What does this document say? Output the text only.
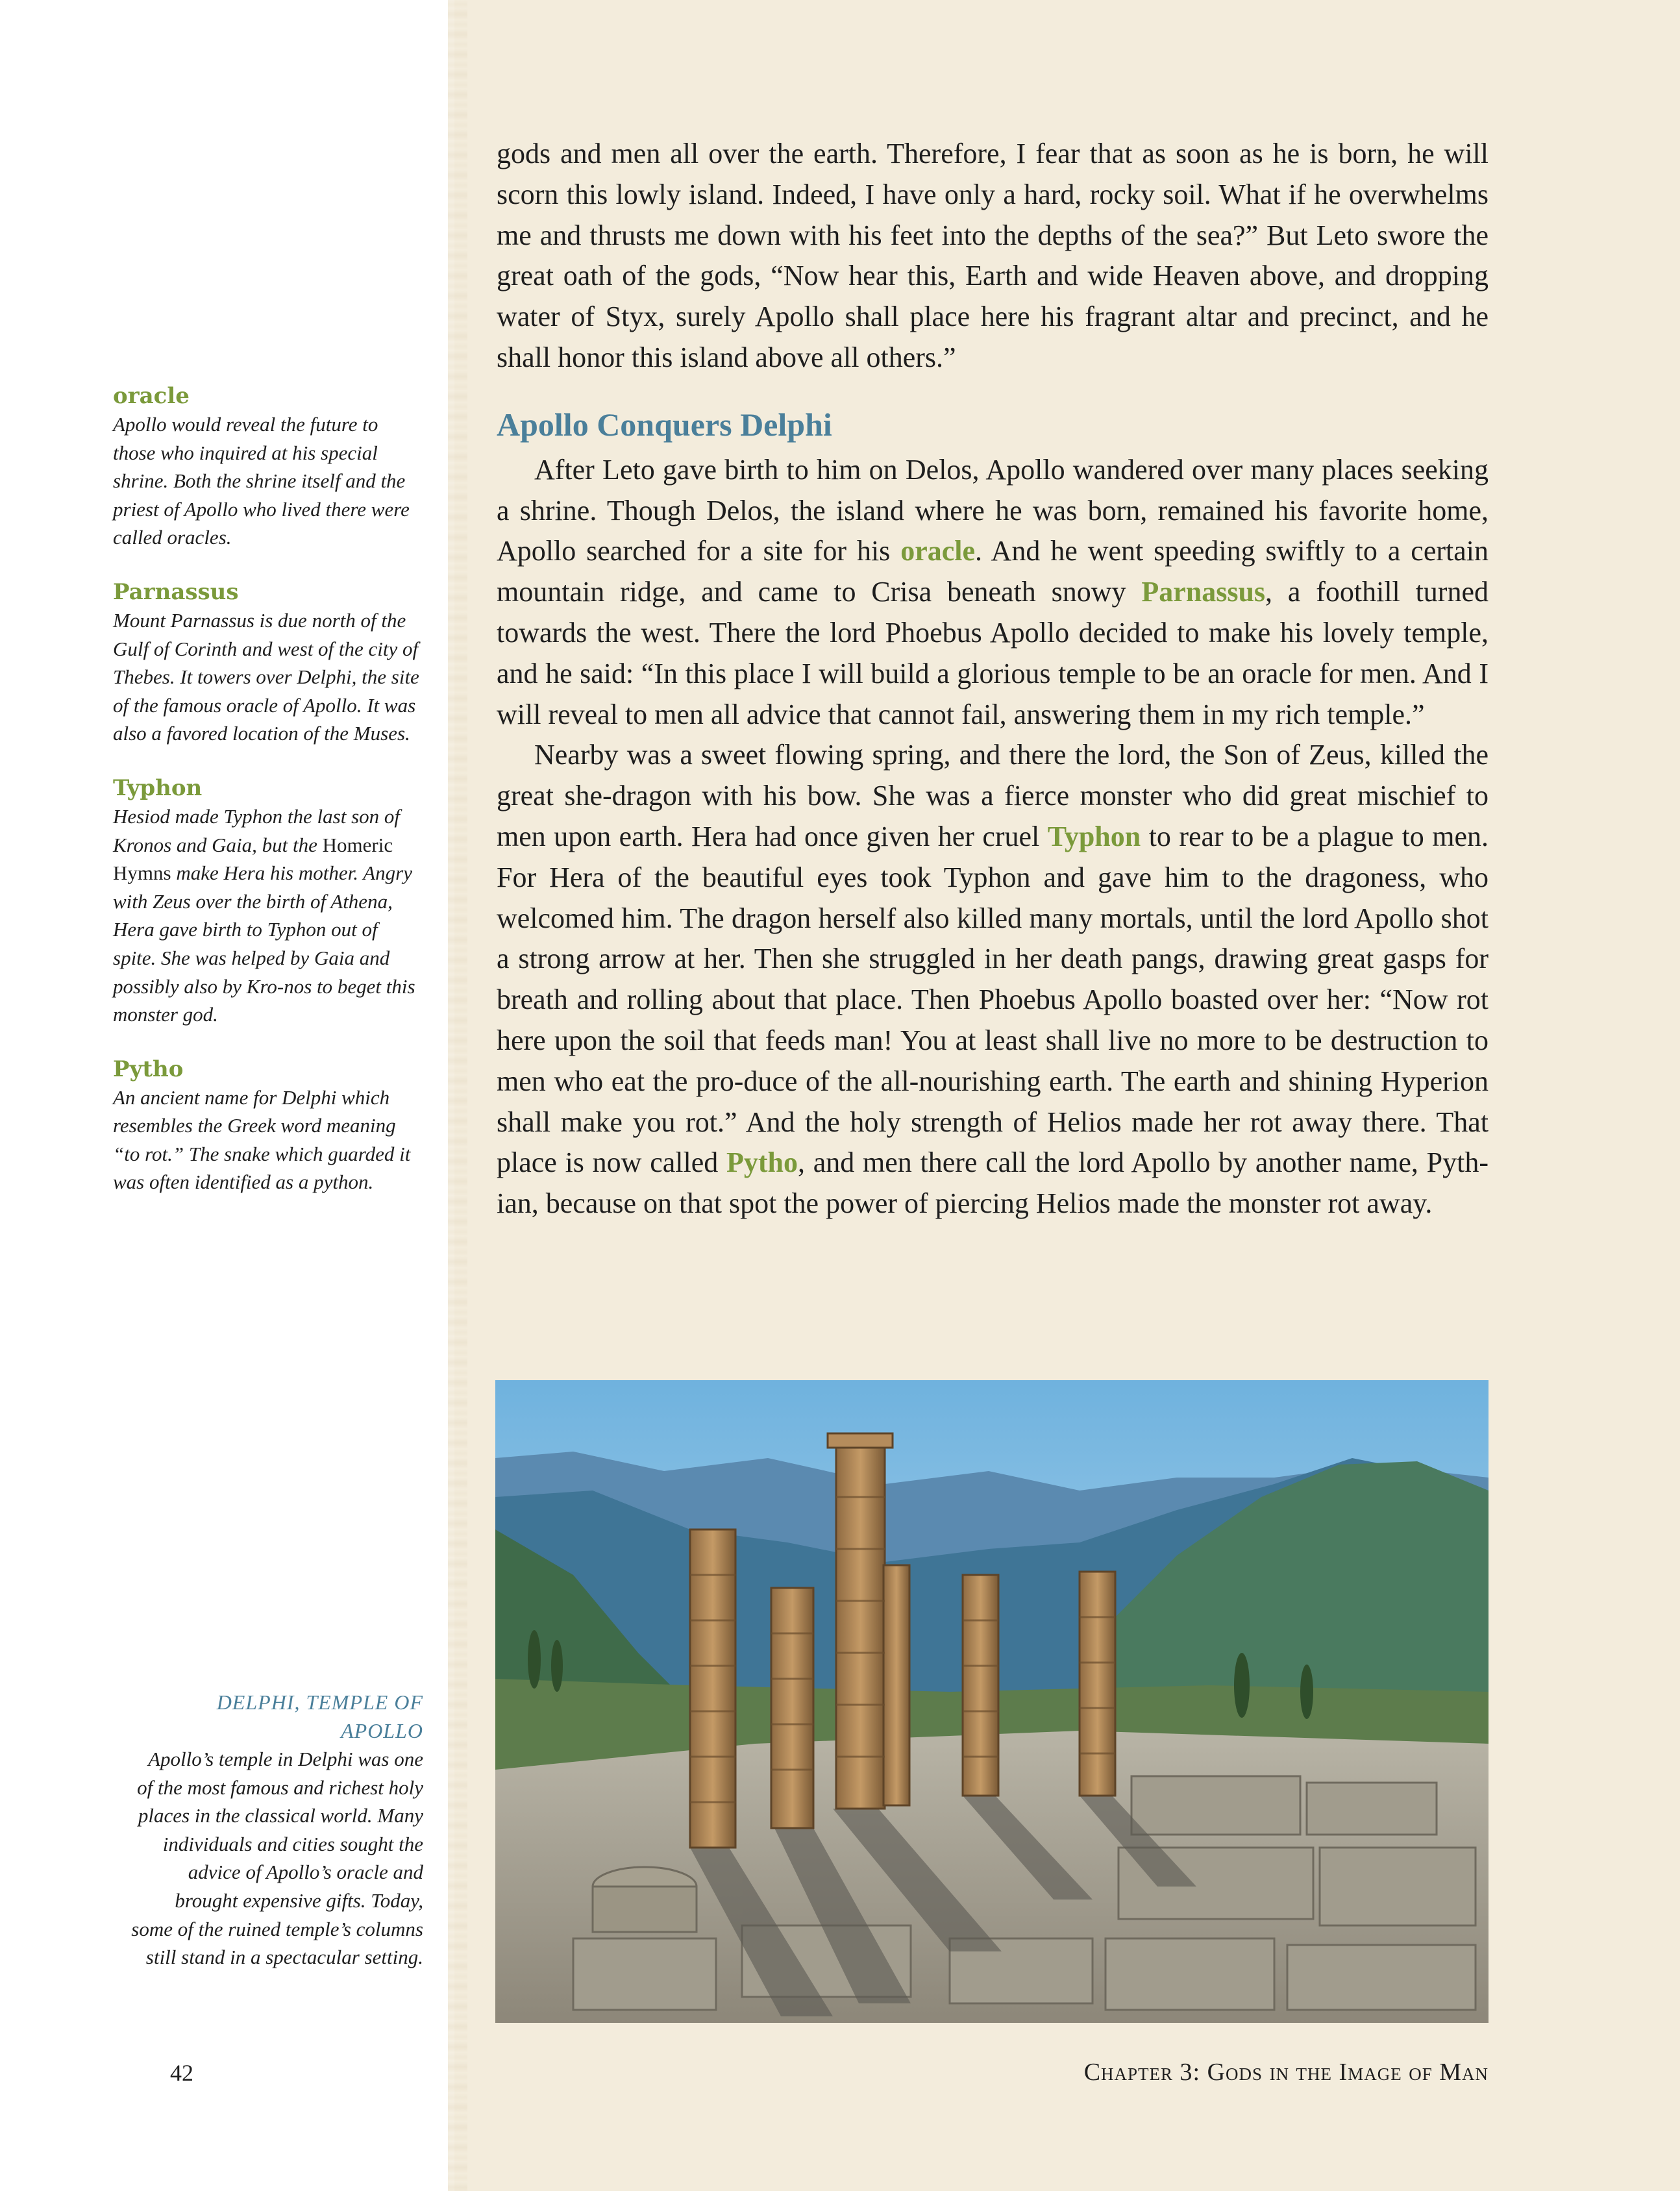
oracle
Apollo would reveal the future to those who inquired at his special shrine. Both the shrine itself and the priest of Apollo who lived there were called oracles.
Parnassus
Mount Parnassus is due north of the Gulf of Corinth and west of the city of Thebes. It towers over Delphi, the site of the famous oracle of Apollo. It was also a favored location of the Muses.
Typhon
Hesiod made Typhon the last son of Kronos and Gaia, but the Homeric Hymns make Hera his mother. Angry with Zeus over the birth of Athena, Hera gave birth to Typhon out of spite. She was helped by Gaia and possibly also by Kro-nos to beget this monster god.
Pytho
An ancient name for Delphi which resembles the Greek word meaning “to rot.” The snake which guarded it was often identified as a python.

gods and men all over the earth. Therefore, I fear that as soon as he is born, he will scorn this lowly island. Indeed, I have only a hard, rocky soil. What if he overwhelms me and thrusts me down with his feet into the depths of the sea?” But Leto swore the great oath of the gods, “Now hear this, Earth and wide Heaven above, and dropping water of Styx, surely Apollo shall place here his fragrant altar and precinct, and he shall honor this island above all others.”

Apollo Conquers Delphi

After Leto gave birth to him on Delos, Apollo wandered over many places seeking a shrine. Though Delos, the island where he was born, remained his favorite home, Apollo searched for a site for his oracle. And he went speeding swiftly to a certain mountain ridge, and came to Crisa beneath snowy Parnassus, a foothill turned towards the west. There the lord Phoebus Apollo decided to make his lovely temple, and he said: “In this place I will build a glorious temple to be an oracle for men. And I will reveal to men all advice that cannot fail, answering them in my rich temple.”

Nearby was a sweet flowing spring, and there the lord, the Son of Zeus, killed the great she-dragon with his bow. She was a fierce monster who did great mischief to men upon earth. Hera had once given her cruel Typhon to rear to be a plague to men. For Hera of the beautiful eyes took Typhon and gave him to the dragoness, who welcomed him. The dragon herself also killed many mortals, until the lord Apollo shot a strong arrow at her. Then she struggled in her death pangs, drawing great gasps for breath and rolling about that place. Then Phoebus Apollo boasted over her: “Now rot here upon the soil that feeds man! You at least shall live no more to be destruction to men who eat the pro-duce of the all-nourishing earth. The earth and shining Hyperion shall make you rot.” And the holy strength of Helios made her rot away there. That place is now called Pytho, and men there call the lord Apollo by another name, Pyth-ian, because on that spot the power of piercing Helios made the monster rot away.

DELPHI, TEMPLE OF APOLLO
Apollo’s temple in Delphi was one of the most famous and richest holy places in the classical world. Many individuals and cities sought the advice of Apollo’s oracle and brought expensive gifts. Today, some of the ruined temple’s columns still stand in a spectacular setting.
42	Chapter 3: Gods in the Image of Man
